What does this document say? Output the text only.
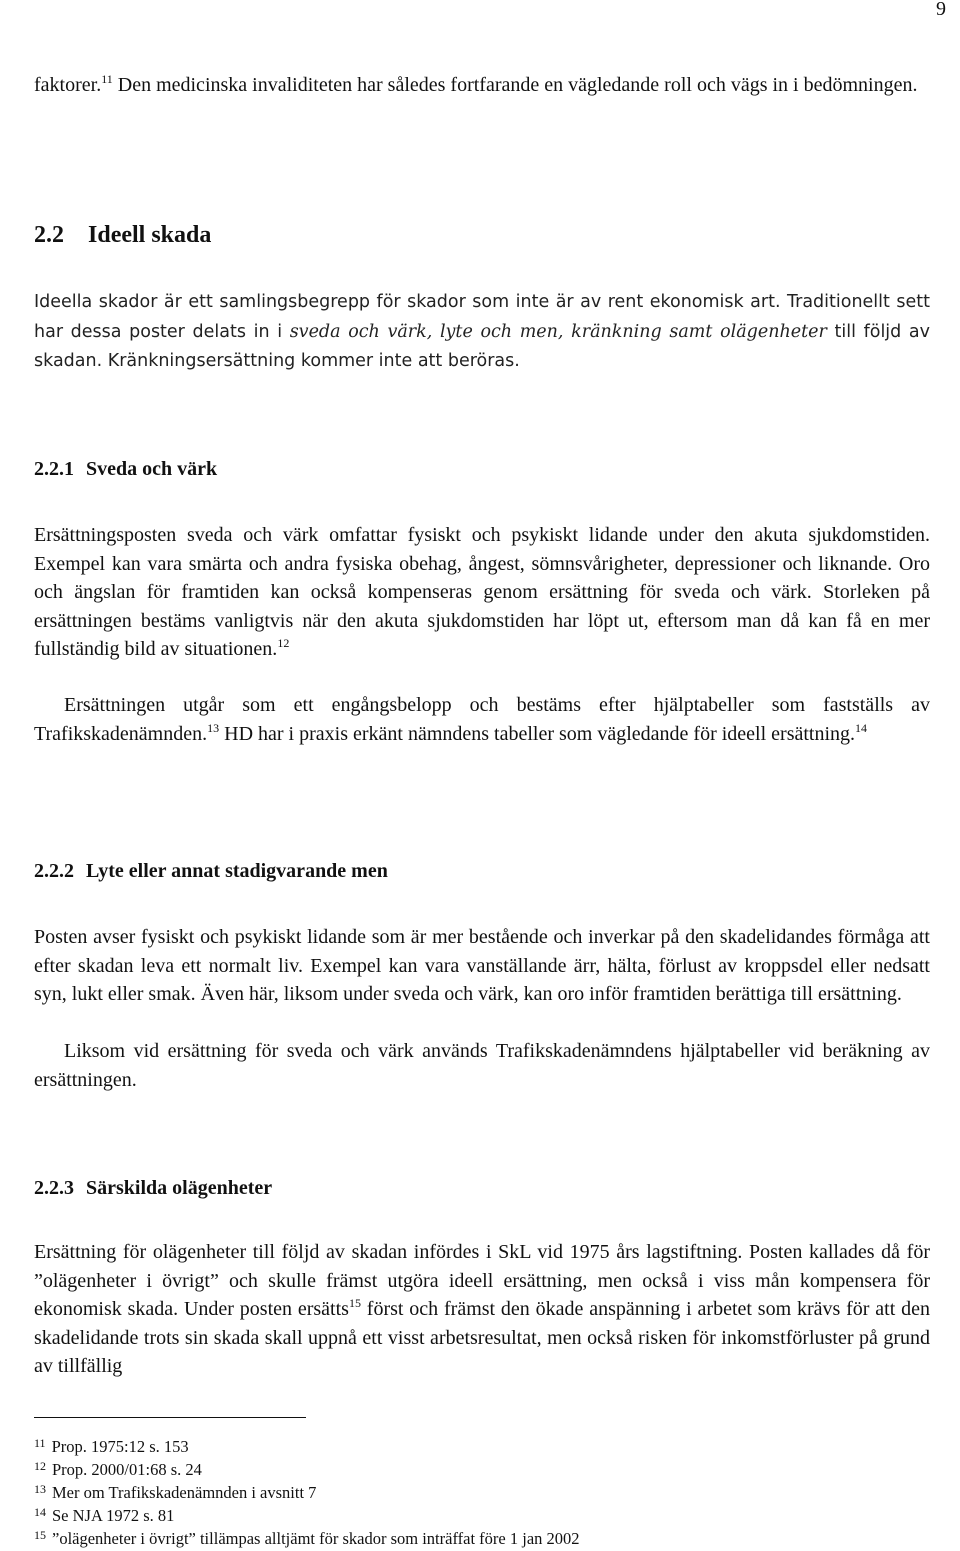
9

faktorer.$^{11}$ Den medicinska invaliditeten har således fortfarande en vägledande roll och vägs in i bedömningen.

2.2 Ideell skada

Ideella skador är ett samlingsbegrepp för skador som inte är av rent ekonomisk art. Traditionellt sett har dessa poster delats in i sveda och värk, lyte och men, kränkning samt olägenheter till följd av skadan. Kränkningsersättning kommer inte att beröras.

2.2.1 Sveda och värk

Ersättningsposten sveda och värk omfattar fysiskt och psykiskt lidande under den akuta sjukdomstiden. Exempel kan vara smärta och andra fysiska obehag, ångest, sömnsvårigheter, depressioner och liknande. Oro och ängslan för framtiden kan också kompenseras genom ersättning för sveda och värk. Storleken på ersättningen bestäms vanligtvis när den akuta sjukdomstiden har löpt ut, eftersom man då kan få en mer fullständig bild av situationen.$^{12}$

Ersättningen utgår som ett engångsbelopp och bestäms efter hjälptabeller som fastställs av Trafikskadenämnden.$^{13}$ HD har i praxis erkänt nämndens tabeller som vägledande för ideell ersättning.$^{14}$

2.2.2 Lyte eller annat stadigvarande men

Posten avser fysiskt och psykiskt lidande som är mer bestående och inverkar på den skadelidandes förmåga att efter skadan leva ett normalt liv. Exempel kan vara vanställande ärr, hälta, förlust av kroppsdel eller nedsatt syn, lukt eller smak. Även här, liksom under sveda och värk, kan oro inför framtiden berättiga till ersättning.

Liksom vid ersättning för sveda och värk används Trafikskadenämndens hjälptabeller vid beräkning av ersättningen.

2.2.3 Särskilda olägenheter

Ersättning för olägenheter till följd av skadan infördes i SkL vid 1975 års lagstiftning. Posten kallades då för ”olägenheter i övrigt” och skulle främst utgöra ideell ersättning, men också i viss mån kompensera för ekonomisk skada. Under posten ersätts$^{15}$ först och främst den ökade anspänning i arbetet som krävs för att den skadelidande trots sin skada skall uppnå ett visst arbetsresultat, men också risken för inkomstförluster på grund av tillfällig

$^{11}$ Prop. 1975:12 s. 153

$^{12}$ Prop. 2000/01:68 s. 24

$^{13}$ Mer om Trafikskadenämnden i avsnitt 7

$^{14}$ Se NJA 1972 s. 81

$^{15}$ ”olägenheter i övrigt” tillämpas alltjämt för skador som inträffat före 1 jan 2002
